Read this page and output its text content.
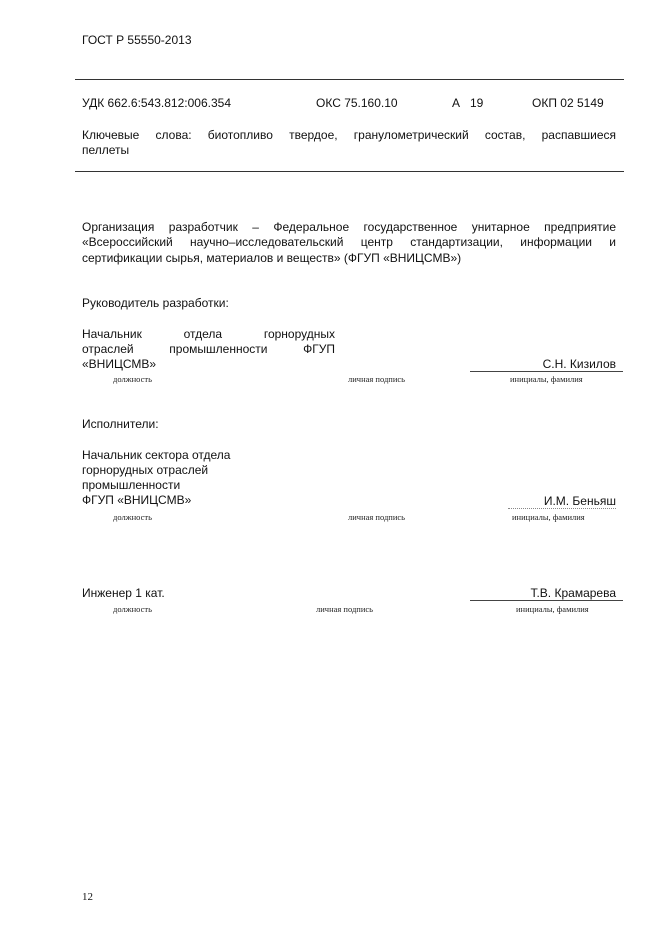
ГОСТ Р 55550-2013
УДК 662.6:543.812:006.354	ОКС 75.160.10	А   19	ОКП 02 5149
Ключевые слова: биотопливо твердое, гранулометрический состав, распавшиеся
пеллеты
Организация разработчик – Федеральное государственное унитарное предприятие
«Всероссийский научно–исследовательский центр стандартизации, информации и
сертификации сырья, материалов и веществ» (ФГУП «ВНИЦСМВ»)
Руководитель разработки:
Начальник отдела горнорудных
отраслей промышленности ФГУП
«ВНИЦСМВ»	С.Н. Кизилов
должность	личная подпись	инициалы, фамилия
Исполнители:
Начальник сектора отдела
горнорудных отраслей
промышленности
ФГУП «ВНИЦСМВ»	И.М. Беньяш
должность	личная подпись	инициалы, фамилия
Инженер 1 кат.	Т.В. Крамарева
должность	личная подпись	инициалы, фамилия
12
